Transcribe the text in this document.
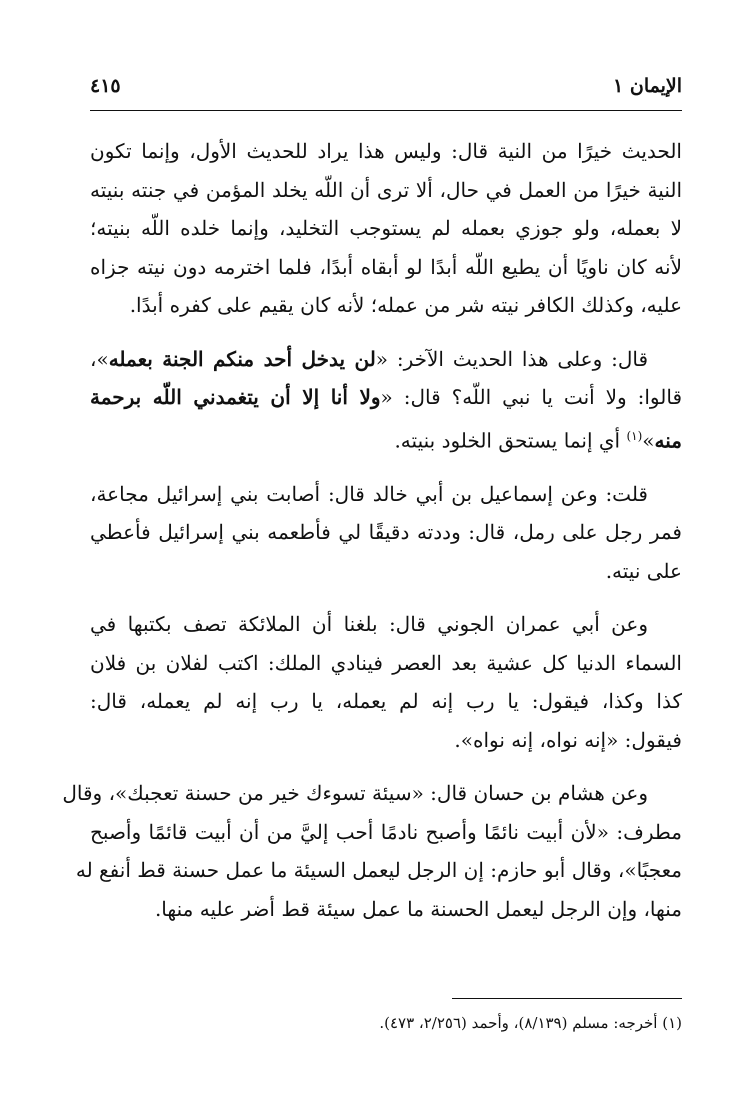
الإيمان ١
٤١٥

الحديث خيرًا من النية قال: وليس هذا يراد للحديث الأول، وإنما تكون
النية خيرًا من العمل في حال، ألا ترى أن اللّه يخلد المؤمن في جنته بنيته
لا بعمله، ولو جوزي بعمله لم يستوجب التخليد، وإنما خلده اللّه بنيته؛
لأنه كان ناويًا أن يطيع اللّه أبدًا لو أبقاه أبدًا، فلما اخترمه دون نيته جزاه
عليه، وكذلك الكافر نيته شر من عمله؛ لأنه كان يقيم على كفره أبدًا.

قال: وعلى هذا الحديث الآخر: «لن يدخل أحد منكم الجنة بعمله»،
قالوا: ولا أنت يا نبي اللّه؟ قال: «ولا أنا إلا أن يتغمدني اللّه برحمة
منه»$^{(١)}$ أي إنما يستحق الخلود بنيته.

قلت: وعن إسماعيل بن أبي خالد قال: أصابت بني إسرائيل مجاعة،
فمر رجل على رمل، قال: وددته دقيقًا لي فأطعمه بني إسرائيل فأعطي
على نيته.

وعن أبي عمران الجوني قال: بلغنا أن الملائكة تصف بكتبها في
السماء الدنيا كل عشية بعد العصر فينادي الملك: اكتب لفلان بن فلان
كذا وكذا، فيقول: يا رب إنه لم يعمله، يا رب إنه لم يعمله، قال:
فيقول: «إنه نواه، إنه نواه».

وعن هشام بن حسان قال: «سيئة تسوءك خير من حسنة تعجبك»، وقال
مطرف: «لأن أبيت نائمًا وأصبح نادمًا أحب إليَّ من أن أبيت قائمًا وأصبح
معجبًا»، وقال أبو حازم: إن الرجل ليعمل السيئة ما عمل حسنة قط أنفع له
منها، وإن الرجل ليعمل الحسنة ما عمل سيئة قط أضر عليه منها.

(١) أخرجه: مسلم (٨/١٣٩)، وأحمد (٢/٢٥٦، ٤٧٣).
